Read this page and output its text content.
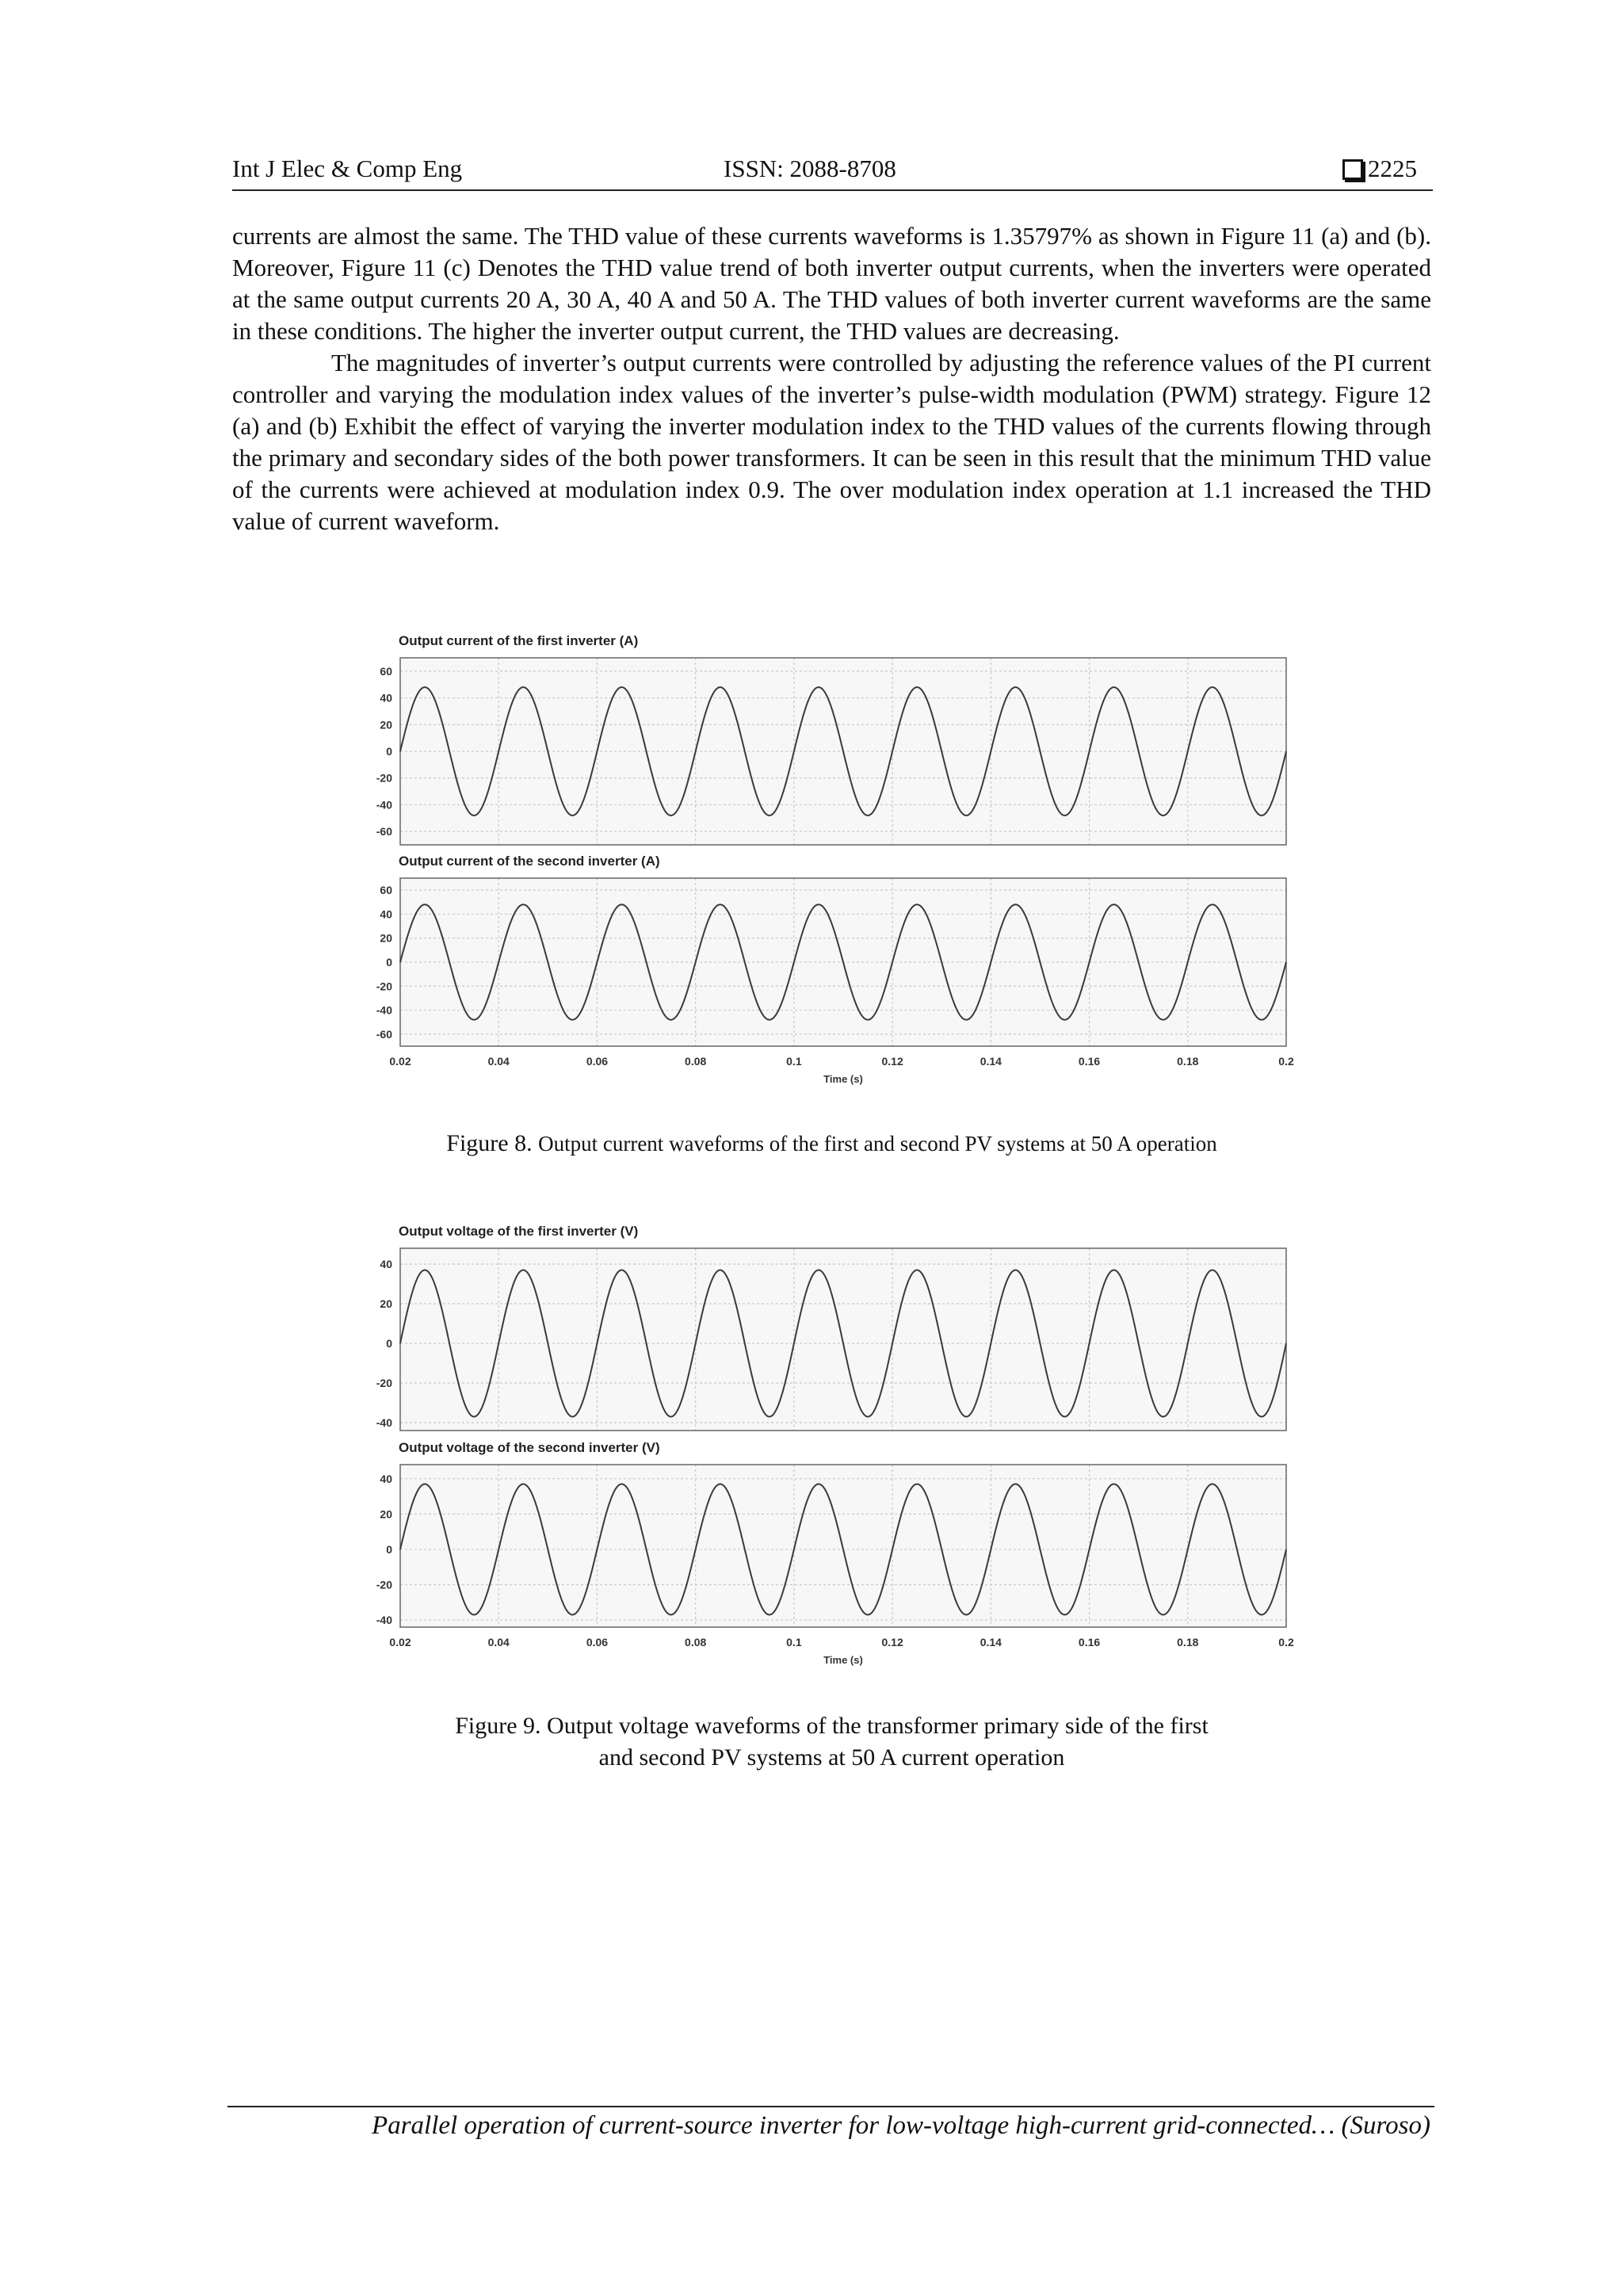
Int J Elec & Comp Eng	ISSN: 2088-8708	2225

currents are almost the same. The THD value of these currents waveforms is 1.35797% as shown in Figure 11 (a) and (b). Moreover, Figure 11 (c) Denotes the THD value trend of both inverter output currents, when the inverters were operated at the same output currents 20 A, 30 A, 40 A and 50 A. The THD values of both inverter current waveforms are the same in these conditions. The higher the inverter output current, the THD values are decreasing.

The magnitudes of inverter’s output currents were controlled by adjusting the reference values of the PI current controller and varying the modulation index values of the inverter’s pulse-width modulation (PWM) strategy. Figure 12 (a) and (b) Exhibit the effect of varying the inverter modulation index to the THD values of the currents flowing through the primary and secondary sides of the both power transformers. It can be seen in this result that the minimum THD value of the currents were achieved at modulation index 0.9. The over modulation index operation at 1.1 increased the THD value of current waveform.

Output current of the first inverter (A)
60
40
20
0
-20
-40
-60
Output current of the second inverter (A)
60
40
20
0
-20
-40
-60
0.02	0.04	0.06	0.08	0.1	0.12	0.14	0.16	0.18	0.2
Time (s)
Figure 8. Output current waveforms of the first and second PV systems at 50 A operation
Output voltage of the first inverter (V)
40
20
0
-20
-40
Output voltage of the second inverter (V)
40
20
0
-20
-40
0.02	0.04	0.06	0.08	0.1	0.12	0.14	0.16	0.18	0.2
Time (s)
Figure 9. Output voltage waveforms of the transformer primary side of the first
and second PV systems at 50 A current operation
Parallel operation of current-source inverter for low-voltage high-current grid-connected… (Suroso)
